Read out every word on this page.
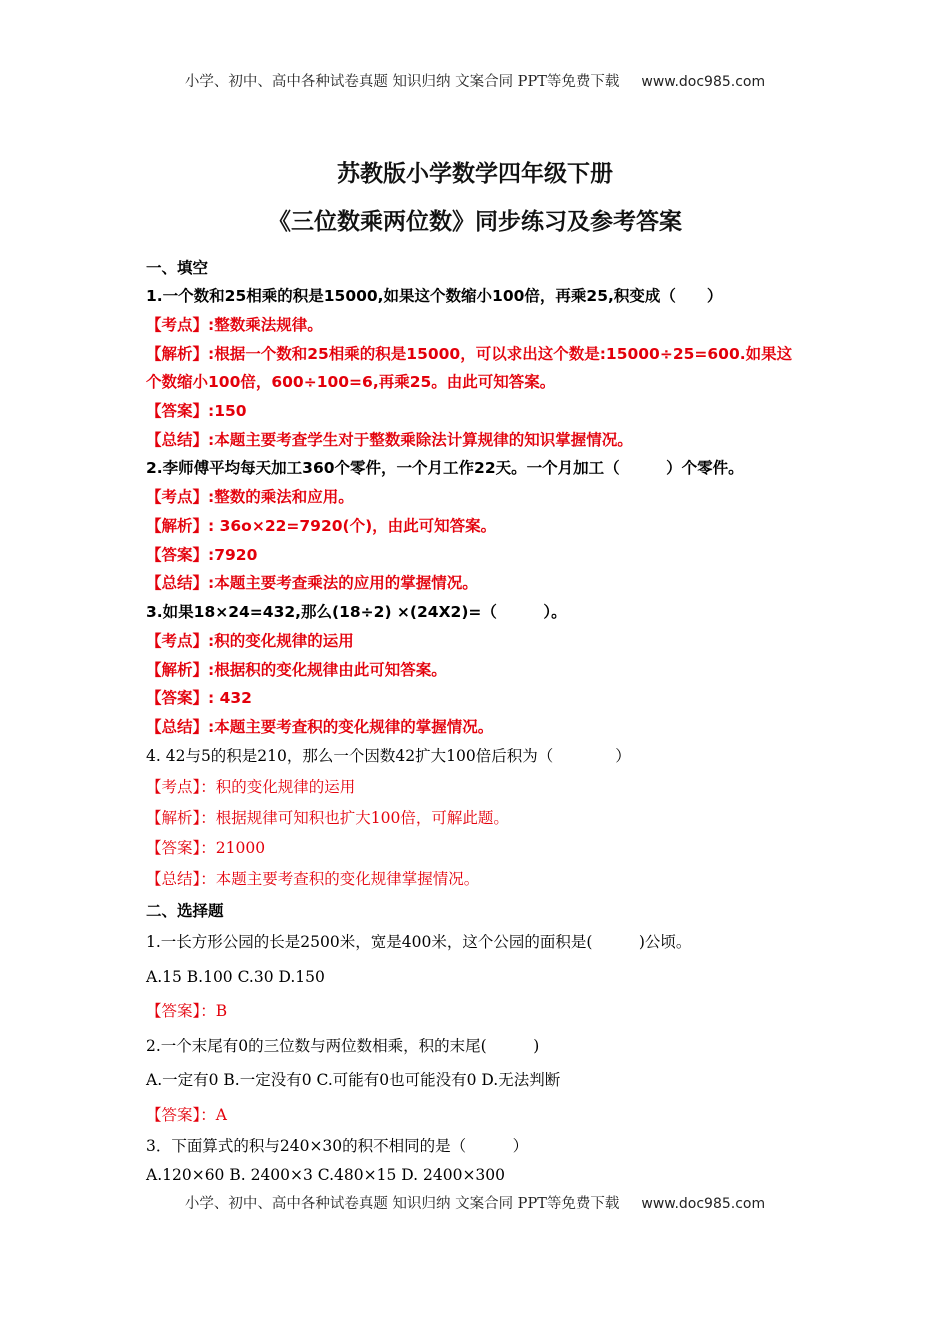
小学、初中、高中各种试卷真题 知识归纳 文案合同 PPT等免费下载 www.doc985.com
苏教版小学数学四年级下册
《三位数乘两位数》同步练习及参考答案
一、填空
1.一个数和25相乘的积是15000,如果这个数缩小100倍，再乘25,积变成（　　）
【考点】:整数乘法规律。
【解析】:根据一个数和25相乘的积是15000，可以求出这个数是:15000÷25=600.如果这
个数缩小100倍，600÷100=6,再乘25。由此可知答案。
【答案】:150
【总结】:本题主要考查学生对于整数乘除法计算规律的知识掌握情况。
2.李师傅平均每天加工360个零件，一个月工作22天。一个月加工（　　　）个零件。
【考点】:整数的乘法和应用。
【解析】: 36o×22=7920(个)，由此可知答案。
【答案】:7920
【总结】:本题主要考查乘法的应用的掌握情况。
3.如果18×24=432,那么(18÷2) ×(24X2)=（　　　）。
【考点】:积的变化规律的运用
【解析】:根据积的变化规律由此可知答案。
【答案】: 432
【总结】:本题主要考查积的变化规律的掌握情况。
4. 42与5的积是210，那么一个因数42扩大100倍后积为（　　　　）
【考点】：积的变化规律的运用
【解析】：根据规律可知积也扩大100倍，可解此题。
【答案】：21000
【总结】：本题主要考查积的变化规律掌握情况。
二、选择题
1.一长方形公园的长是2500米，宽是400米，这个公园的面积是(　　　)公顷。
A.15 B.100 C.30 D.150
【答案】：B
2.一个末尾有0的三位数与两位数相乘，积的末尾(　　　)
A.一定有0 B.一定没有0 C.可能有0也可能没有0 D.无法判断
【答案】：A
3．下面算式的积与240×30的积不相同的是（　　　）
A.120×60 B. 2400×3 C.480×15 D. 2400×300
小学、初中、高中各种试卷真题 知识归纳 文案合同 PPT等免费下载 www.doc985.com
